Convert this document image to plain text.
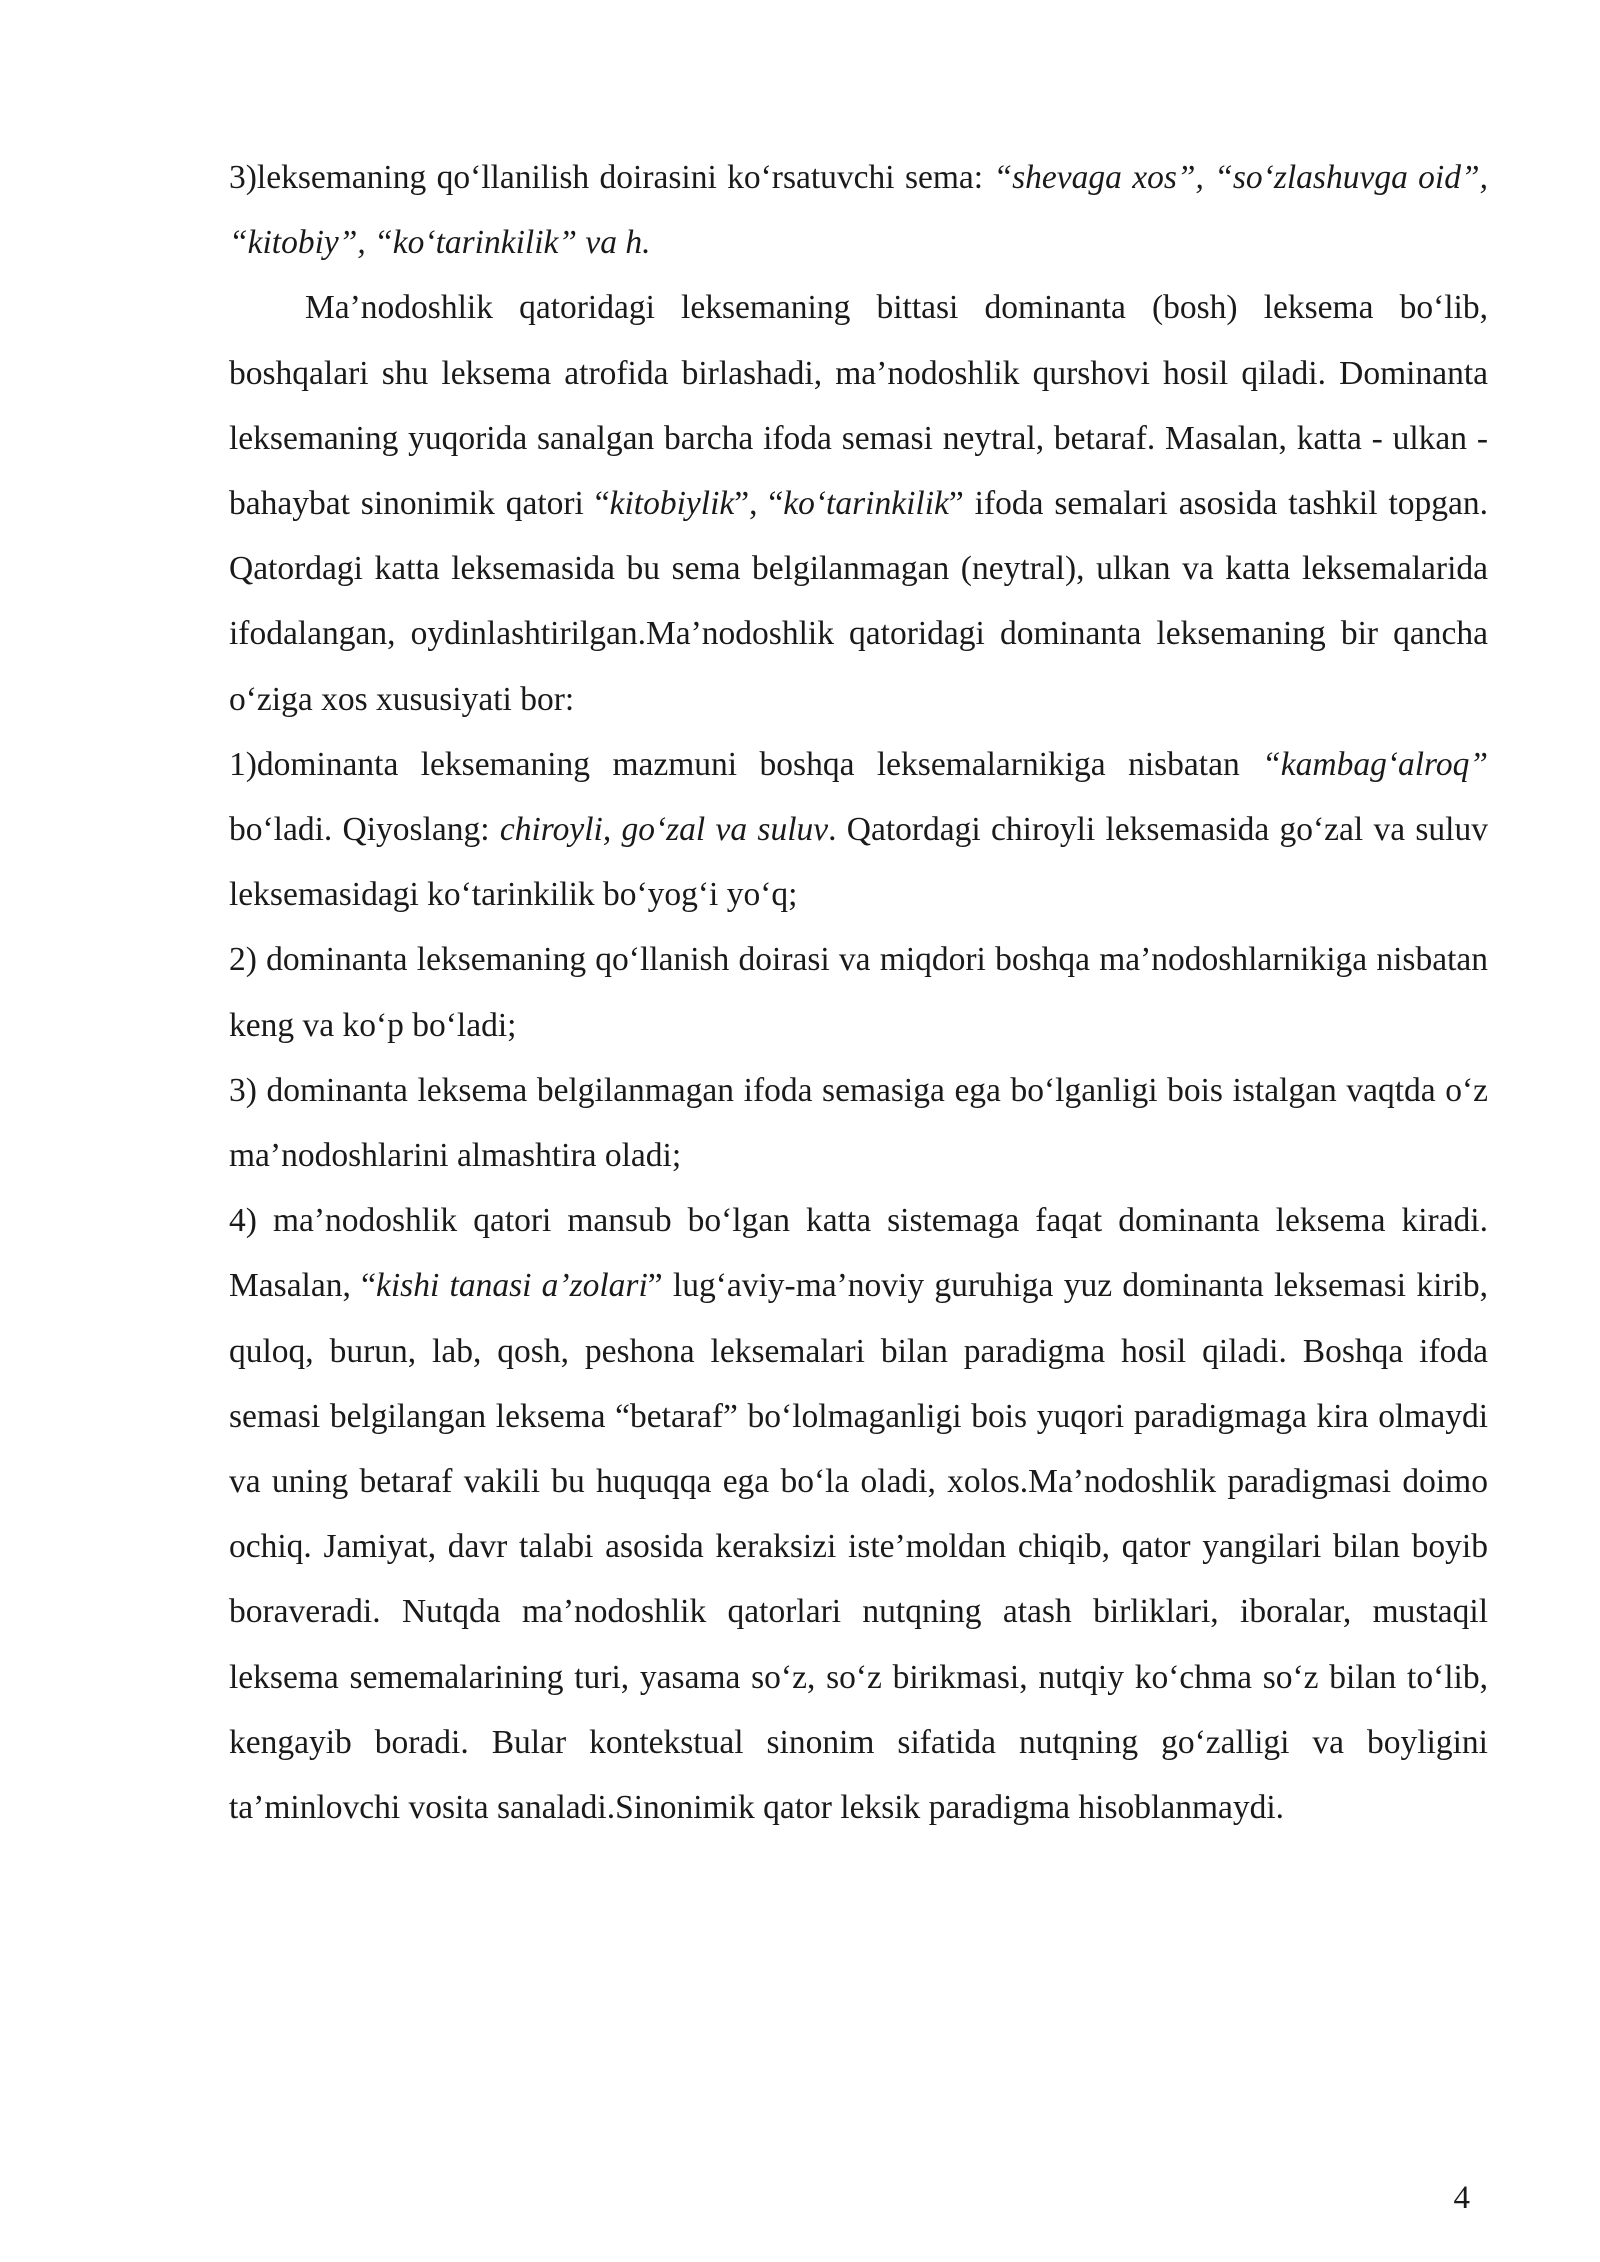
3)leksemaning qo‘llanilish doirasini ko‘rsatuvchi sema: “shevaga xos”, “so‘zlashuvga oid”, “kitobiy”, “ko‘tarinkilik” va h.

Ma’nodoshlik qatoridagi leksemaning bittasi dominanta (bosh) leksema bo‘lib, boshqalari shu leksema atrofida birlashadi, ma’nodoshlik qurshovi hosil qiladi. Dominanta leksemaning yuqorida sanalgan barcha ifoda semasi neytral, betaraf. Masalan, katta - ulkan - bahaybat sinonimik qatori “kitobiylik”, “ko‘tarinkilik” ifoda semalari asosida tashkil topgan. Qatordagi katta leksemasida bu sema belgilanmagan (neytral), ulkan va katta leksemalarida ifodalangan, oydinlashtirilgan.Ma’nodoshlik qatoridagi dominanta leksemaning bir qancha o‘ziga xos xususiyati bor:

1)dominanta leksemaning mazmuni boshqa leksemalarnikiga nisbatan “kambag‘alroq” bo‘ladi. Qiyoslang: chiroyli, go‘zal va suluv. Qatordagi chiroyli leksemasida go‘zal va suluv leksemasidagi ko‘tarinkilik bo‘yog‘i yo‘q;

2) dominanta leksemaning qo‘llanish doirasi va miqdori boshqa ma’nodoshlarnikiga nisbatan keng va ko‘p bo‘ladi;

3) dominanta leksema belgilanmagan ifoda semasiga ega bo‘lganligi bois istalgan vaqtda o‘z ma’nodoshlarini almashtira oladi;

4) ma’nodoshlik qatori mansub bo‘lgan katta sistemaga faqat dominanta leksema kiradi. Masalan, “kishi tanasi a’zolari” lug‘aviy-ma’noviy guruhiga yuz dominanta leksemasi kirib, quloq, burun, lab, qosh, peshona leksemalari bilan paradigma hosil qiladi. Boshqa ifoda semasi belgilangan leksema “betaraf” bo‘lolmaganligi bois yuqori paradigmaga kira olmaydi va uning betaraf vakili bu huquqqa ega bo‘la oladi, xolos.Ma’nodoshlik paradigmasi doimo ochiq. Jamiyat, davr talabi asosida keraksizi iste’moldan chiqib, qator yangilari bilan boyib boraveradi. Nutqda ma’nodoshlik qatorlari nutqning atash birliklari, iboralar, mustaqil leksema sememalarining turi, yasama so‘z, so‘z birikmasi, nutqiy ko‘chma so‘z bilan to‘lib, kengayib boradi. Bular kontekstual sinonim sifatida nutqning go‘zalligi va boyligini ta’minlovchi vosita sanaladi.Sinonimik qator leksik paradigma hisoblanmaydi.

4
